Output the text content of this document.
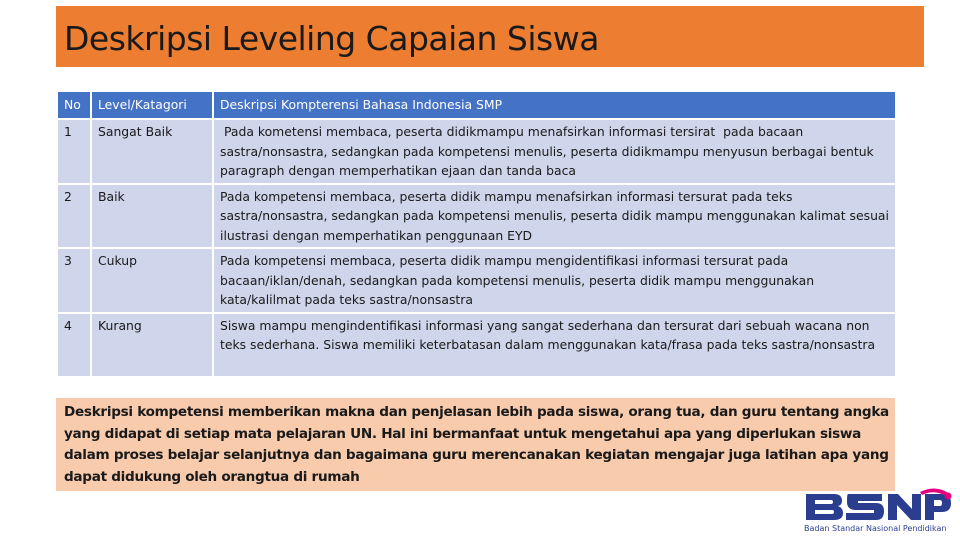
Deskripsi Leveling Capaian Siswa
No	Level/Katagori	Deskripsi Kompterensi Bahasa Indonesia SMP
1	Sangat Baik	Pada kometensi membaca, peserta didikmampu menafsirkan informasi tersirat  pada bacaan sastra/nonsastra, sedangkan pada kompetensi menulis, peserta didikmampu menyusun berbagai bentuk paragraph dengan memperhatikan ejaan dan tanda baca
2	Baik	Pada kompetensi membaca, peserta didik mampu menafsirkan informasi tersurat pada teks sastra/nonsastra, sedangkan pada kompetensi menulis, peserta didik mampu menggunakan kalimat sesuai ilustrasi dengan memperhatikan penggunaan EYD
3	Cukup	Pada kompetensi membaca, peserta didik mampu mengidentifikasi informasi tersurat pada bacaan/iklan/denah, sedangkan pada kompetensi menulis, peserta didik mampu menggunakan kata/kalilmat pada teks sastra/nonsastra
4	Kurang	Siswa mampu mengindentifikasi informasi yang sangat sederhana dan tersurat dari sebuah wacana non teks sederhana. Siswa memiliki keterbatasan dalam menggunakan kata/frasa pada teks sastra/nonsastra

Deskripsi kompetensi memberikan makna dan penjelasan lebih pada siswa, orang tua, dan guru tentang angka yang didapat di setiap mata pelajaran UN. Hal ini bermanfaat untuk mengetahui apa yang diperlukan siswa dalam proses belajar selanjutnya dan bagaimana guru merencanakan kegiatan mengajar juga latihan apa yang dapat didukung oleh orangtua di rumah

Badan Standar Nasional Pendidikan
